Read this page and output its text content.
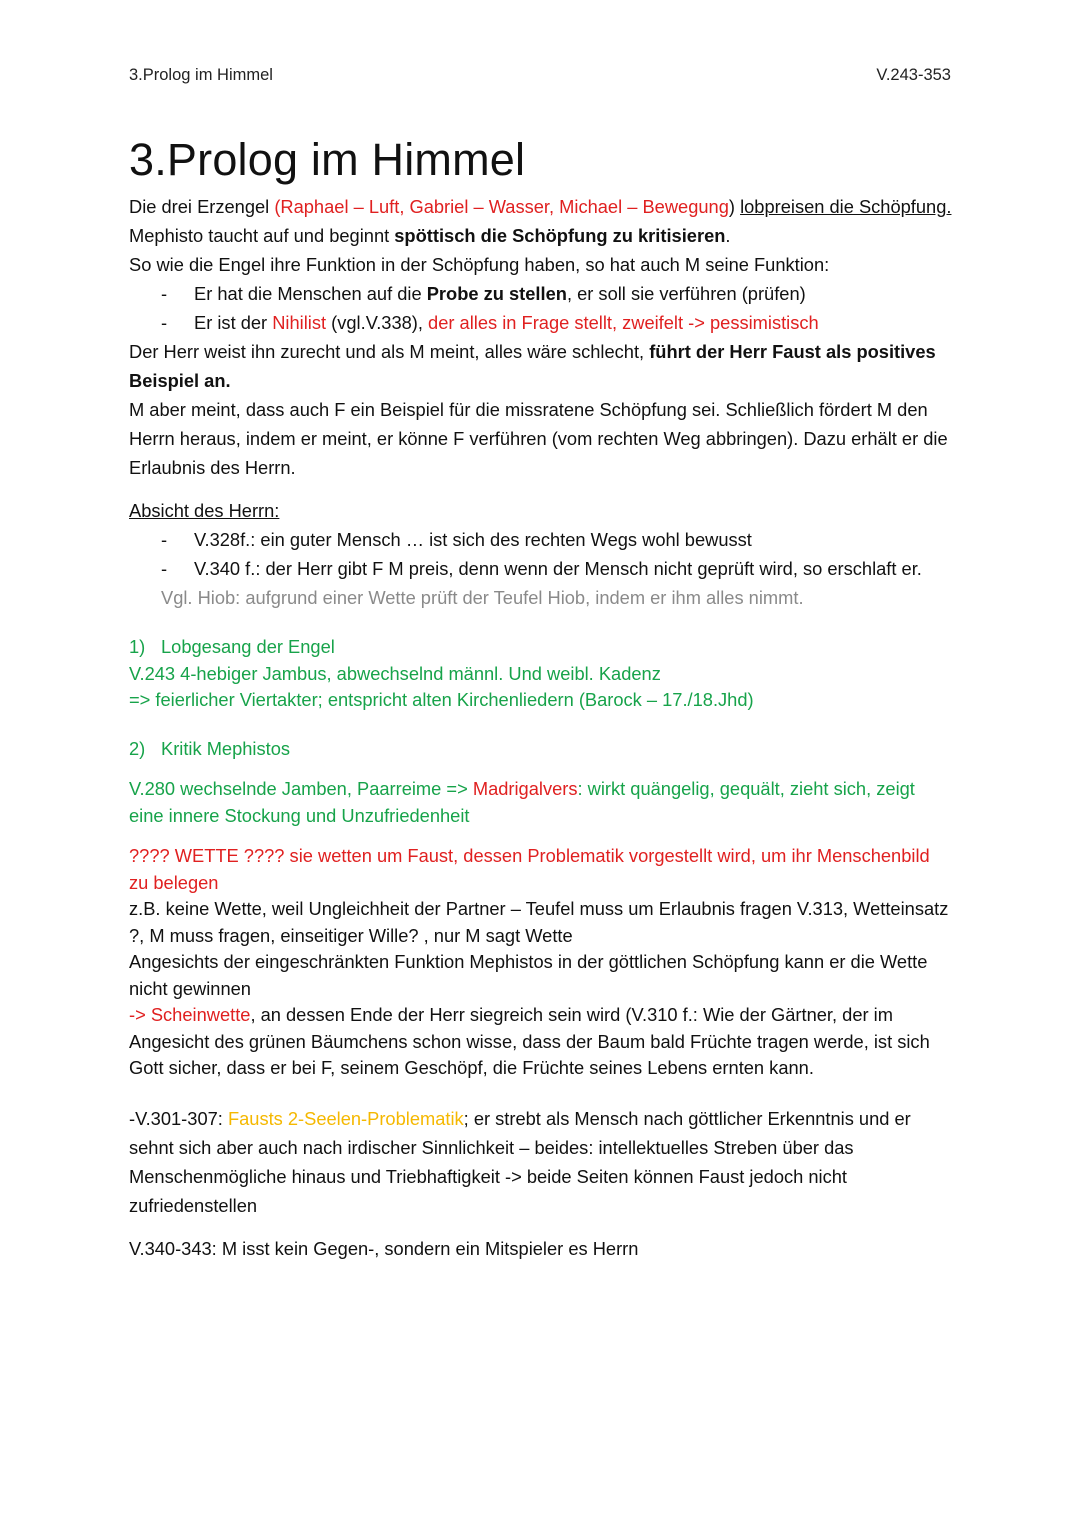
3.Prolog im Himmel	V.243-353
3.Prolog im Himmel

Die drei Erzengel (Raphael – Luft, Gabriel – Wasser, Michael – Bewegung) lobpreisen die Schöpfung.

Mephisto taucht auf und beginnt spöttisch die Schöpfung zu kritisieren.

So wie die Engel ihre Funktion in der Schöpfung haben, so hat auch M seine Funktion:

- Er hat die Menschen auf die Probe zu stellen, er soll sie verführen (prüfen)
- Er ist der Nihilist (vgl.V.338), der alles in Frage stellt, zweifelt -> pessimistisch

Der Herr weist ihn zurecht und als M meint, alles wäre schlecht, führt der Herr Faust als positives Beispiel an.

M aber meint, dass auch F ein Beispiel für die missratene Schöpfung sei. Schließlich fördert M den Herrn heraus, indem er meint, er könne F verführen (vom rechten Weg abbringen). Dazu erhält er die Erlaubnis des Herrn.

Absicht des Herrn:

- V.328f.: ein guter Mensch … ist sich des rechten Wegs wohl bewusst
- V.340 f.: der Herr gibt F M preis, denn wenn der Mensch nicht geprüft wird, so erschlaft er.

Vgl. Hiob: aufgrund einer Wette prüft der Teufel Hiob, indem er ihm alles nimmt.

1) Lobgesang der Engel

V.243 4-hebiger Jambus, abwechselnd männl. Und weibl. Kadenz

=> feierlicher Viertakter; entspricht alten Kirchenliedern (Barock – 17./18.Jhd)

2) Kritik Mephistos

V.280 wechselnde Jamben, Paarreime => Madrigalvers: wirkt quängelig, gequält, zieht sich, zeigt eine innere Stockung und Unzufriedenheit

???? WETTE ???? sie wetten um Faust, dessen Problematik vorgestellt wird, um ihr Menschenbild zu belegen

z.B. keine Wette, weil Ungleichheit der Partner – Teufel muss um Erlaubnis fragen V.313, Wetteinsatz ?, M muss fragen, einseitiger Wille? , nur M sagt Wette

Angesichts der eingeschränkten Funktion Mephistos in der göttlichen Schöpfung kann er die Wette nicht gewinnen

-> Scheinwette, an dessen Ende der Herr siegreich sein wird (V.310 f.: Wie der Gärtner, der im Angesicht des grünen Bäumchens schon wisse, dass der Baum bald Früchte tragen werde, ist sich Gott sicher, dass er bei F, seinem Geschöpf, die Früchte seines Lebens ernten kann.

-V.301-307: Fausts 2-Seelen-Problematik; er strebt als Mensch nach göttlicher Erkenntnis und er sehnt sich aber auch nach irdischer Sinnlichkeit – beides: intellektuelles Streben über das Menschenmögliche hinaus und Triebhaftigkeit -> beide Seiten können Faust jedoch nicht zufriedenstellen

V.340-343: M isst kein Gegen-, sondern ein Mitspieler es Herrn
